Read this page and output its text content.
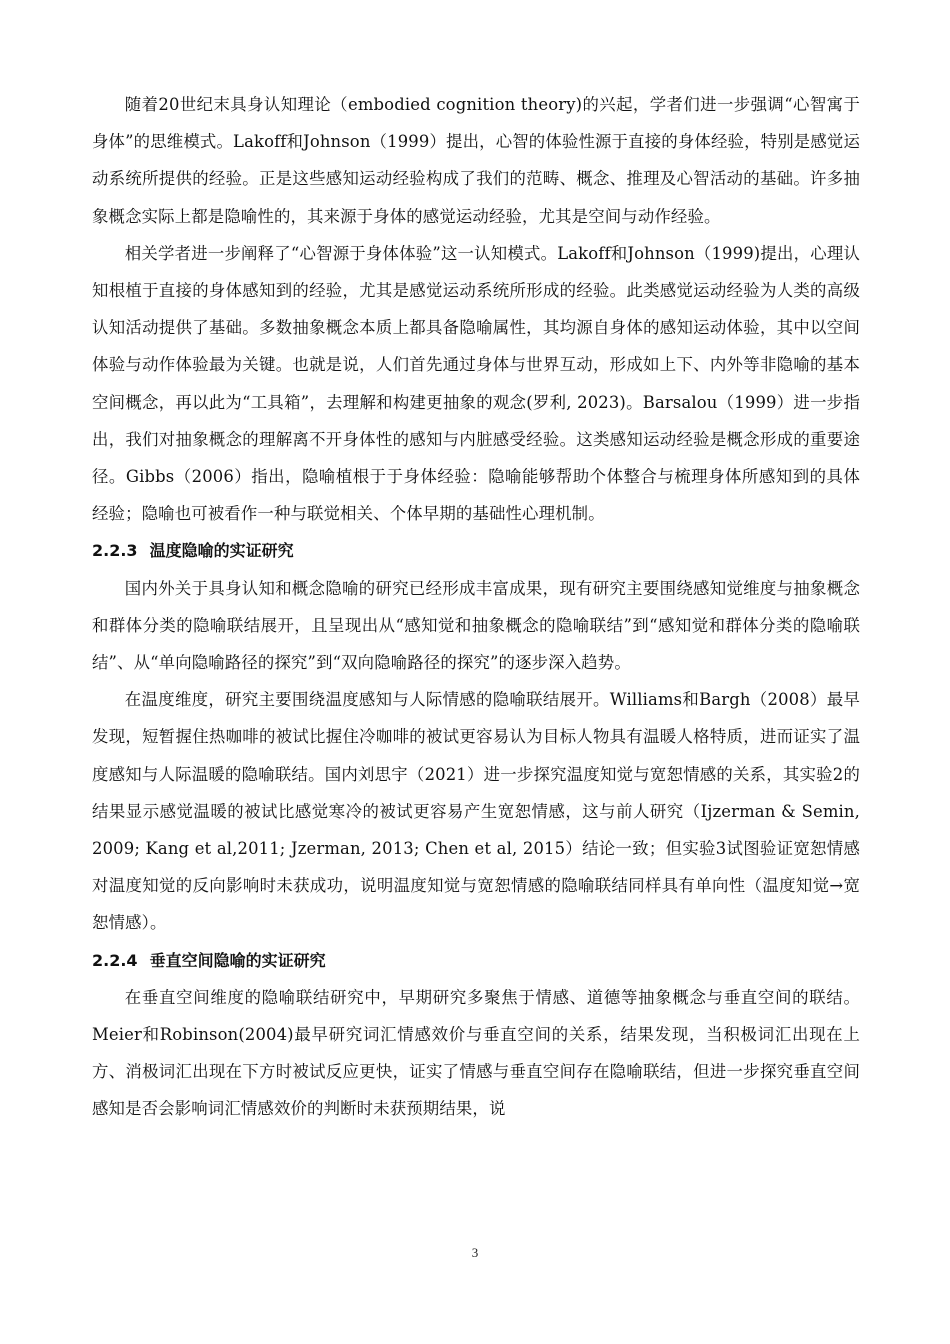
随着20世纪末具身认知理论（embodied cognition theory)的兴起，学者们进一步强调“心智寓于身体”的思维模式。Lakoff和Johnson（1999）提出，心智的体验性源于直接的身体经验，特别是感觉运动系统所提供的经验。正是这些感知运动经验构成了我们的范畴、概念、推理及心智活动的基础。许多抽象概念实际上都是隐喻性的，其来源于身体的感觉运动经验，尤其是空间与动作经验。

相关学者进一步阐释了“心智源于身体体验”这一认知模式。Lakoff和Johnson（1999)提出，心理认知根植于直接的身体感知到的经验，尤其是感觉运动系统所形成的经验。此类感觉运动经验为人类的高级认知活动提供了基础。多数抽象概念本质上都具备隐喻属性，其均源自身体的感知运动体验，其中以空间体验与动作体验最为关键。也就是说，人们首先通过身体与世界互动，形成如上下、内外等非隐喻的基本空间概念，再以此为“工具箱”，去理解和构建更抽象的观念(罗利, 2023)。Barsalou（1999）进一步指出，我们对抽象概念的理解离不开身体性的感知与内脏感受经验。这类感知运动经验是概念形成的重要途径。Gibbs（2006）指出，隐喻植根于于身体经验：隐喻能够帮助个体整合与梳理身体所感知到的具体经验；隐喻也可被看作一种与联觉相关、个体早期的基础性心理机制。

2.2.3 温度隐喻的实证研究

国内外关于具身认知和概念隐喻的研究已经形成丰富成果，现有研究主要围绕感知觉维度与抽象概念和群体分类的隐喻联结展开，且呈现出从“感知觉和抽象概念的隐喻联结”到“感知觉和群体分类的隐喻联结”、从“单向隐喻路径的探究”到“双向隐喻路径的探究”的逐步深入趋势。

在温度维度，研究主要围绕温度感知与人际情感的隐喻联结展开。Williams和Bargh（2008）最早发现，短暂握住热咖啡的被试比握住冷咖啡的被试更容易认为目标人物具有温暖人格特质，进而证实了温度感知与人际温暖的隐喻联结。国内刘思宇（2021）进一步探究温度知觉与宽恕情感的关系，其实验2的结果显示感觉温暖的被试比感觉寒冷的被试更容易产生宽恕情感，这与前人研究（Ijzerman & Semin, 2009; Kang et al,2011; Jzerman, 2013; Chen et al, 2015）结论一致；但实验3试图验证宽恕情感对温度知觉的反向影响时未获成功，说明温度知觉与宽恕情感的隐喻联结同样具有单向性（温度知觉→宽恕情感）。

2.2.4 垂直空间隐喻的实证研究

在垂直空间维度的隐喻联结研究中，早期研究多聚焦于情感、道德等抽象概念与垂直空间的联结。Meier和Robinson(2004)最早研究词汇情感效价与垂直空间的关系，结果发现，当积极词汇出现在上方、消极词汇出现在下方时被试反应更快，证实了情感与垂直空间存在隐喻联结，但进一步探究垂直空间感知是否会影响词汇情感效价的判断时未获预期结果，说

3
